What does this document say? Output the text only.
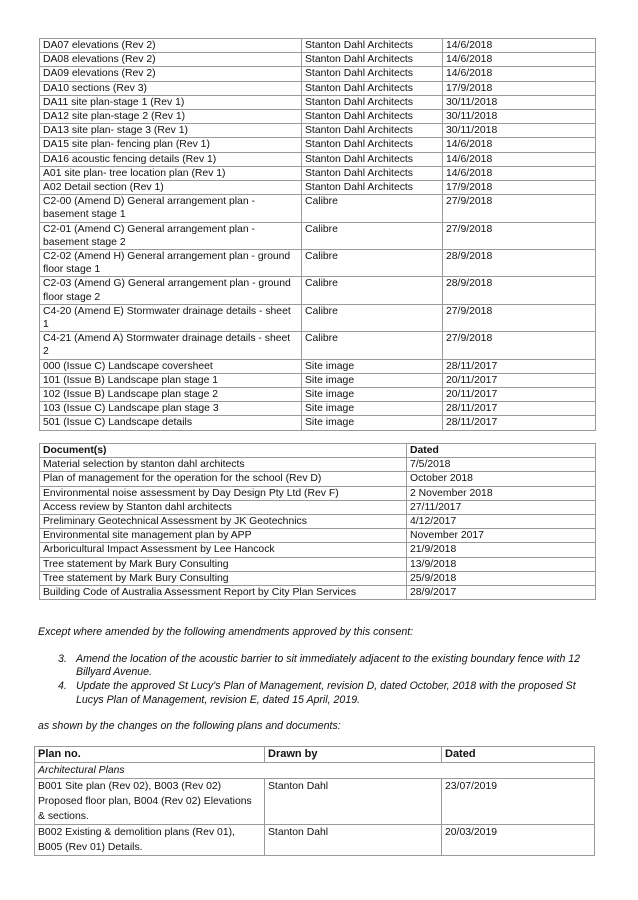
DA07 elevations (Rev 2)	Stanton Dahl Architects	14/6/2018
DA08 elevations (Rev 2)	Stanton Dahl Architects	14/6/2018
DA09 elevations (Rev 2)	Stanton Dahl Architects	14/6/2018
DA10 sections (Rev 3)	Stanton Dahl Architects	17/9/2018
DA11 site plan-stage 1 (Rev 1)	Stanton Dahl Architects	30/11/2018
DA12 site plan-stage 2 (Rev 1)	Stanton Dahl Architects	30/11/2018
DA13 site plan- stage 3 (Rev 1)	Stanton Dahl Architects	30/11/2018
DA15 site plan- fencing plan (Rev 1)	Stanton Dahl Architects	14/6/2018
DA16 acoustic fencing details (Rev 1)	Stanton Dahl Architects	14/6/2018
A01 site plan- tree location plan (Rev 1)	Stanton Dahl Architects	14/6/2018
A02 Detail section (Rev 1)	Stanton Dahl Architects	17/9/2018
C2-00 (Amend D) General arrangement plan - basement stage 1	Calibre	27/9/2018
C2-01 (Amend C) General arrangement plan - basement stage 2	Calibre	27/9/2018
C2-02 (Amend H) General arrangement plan - ground floor stage 1	Calibre	28/9/2018
C2-03 (Amend G) General arrangement plan - ground floor stage 2	Calibre	28/9/2018
C4-20 (Amend E) Stormwater drainage details - sheet 1	Calibre	27/9/2018
C4-21 (Amend A) Stormwater drainage details - sheet 2	Calibre	27/9/2018
000 (Issue C) Landscape coversheet	Site image	28/11/2017
101 (Issue B) Landscape plan stage 1	Site image	20/11/2017
102 (Issue B) Landscape plan stage 2	Site image	20/11/2017
103 (Issue C) Landscape plan stage 3	Site image	28/11/2017
501 (Issue C) Landscape details	Site image	28/11/2017
Document(s)	Dated
Material selection by stanton dahl architects	7/5/2018
Plan of management for the operation for the school (Rev D)	October 2018
Environmental noise assessment by Day Design Pty Ltd (Rev F)	2 November 2018
Access review by Stanton dahl architects	27/11/2017
Preliminary Geotechnical Assessment by JK Geotechnics	4/12/2017
Environmental site management plan by APP	November 2017
Arboricultural Impact Assessment by Lee Hancock	21/9/2018
Tree statement by Mark Bury Consulting	13/9/2018
Tree statement by Mark Bury Consulting	25/9/2018
Building Code of Australia Assessment Report by City Plan Services	28/9/2017

Except where amended by the following amendments approved by this consent:

3. Amend the location of the acoustic barrier to sit immediately adjacent to the existing boundary fence with 12 Billyard Avenue.
4. Update the approved St Lucy's Plan of Management, revision D, dated October, 2018 with the proposed St Lucys Plan of Management, revision E, dated 15 April, 2019.

as shown by the changes on the following plans and documents:

Plan no.	Drawn by	Dated
Architectural Plans		
B001 Site plan (Rev 02), B003 (Rev 02) Proposed floor plan, B004 (Rev 02) Elevations & sections.	Stanton Dahl	23/07/2019
B002 Existing & demolition plans (Rev 01), B005 (Rev 01) Details.	Stanton Dahl	20/03/2019
